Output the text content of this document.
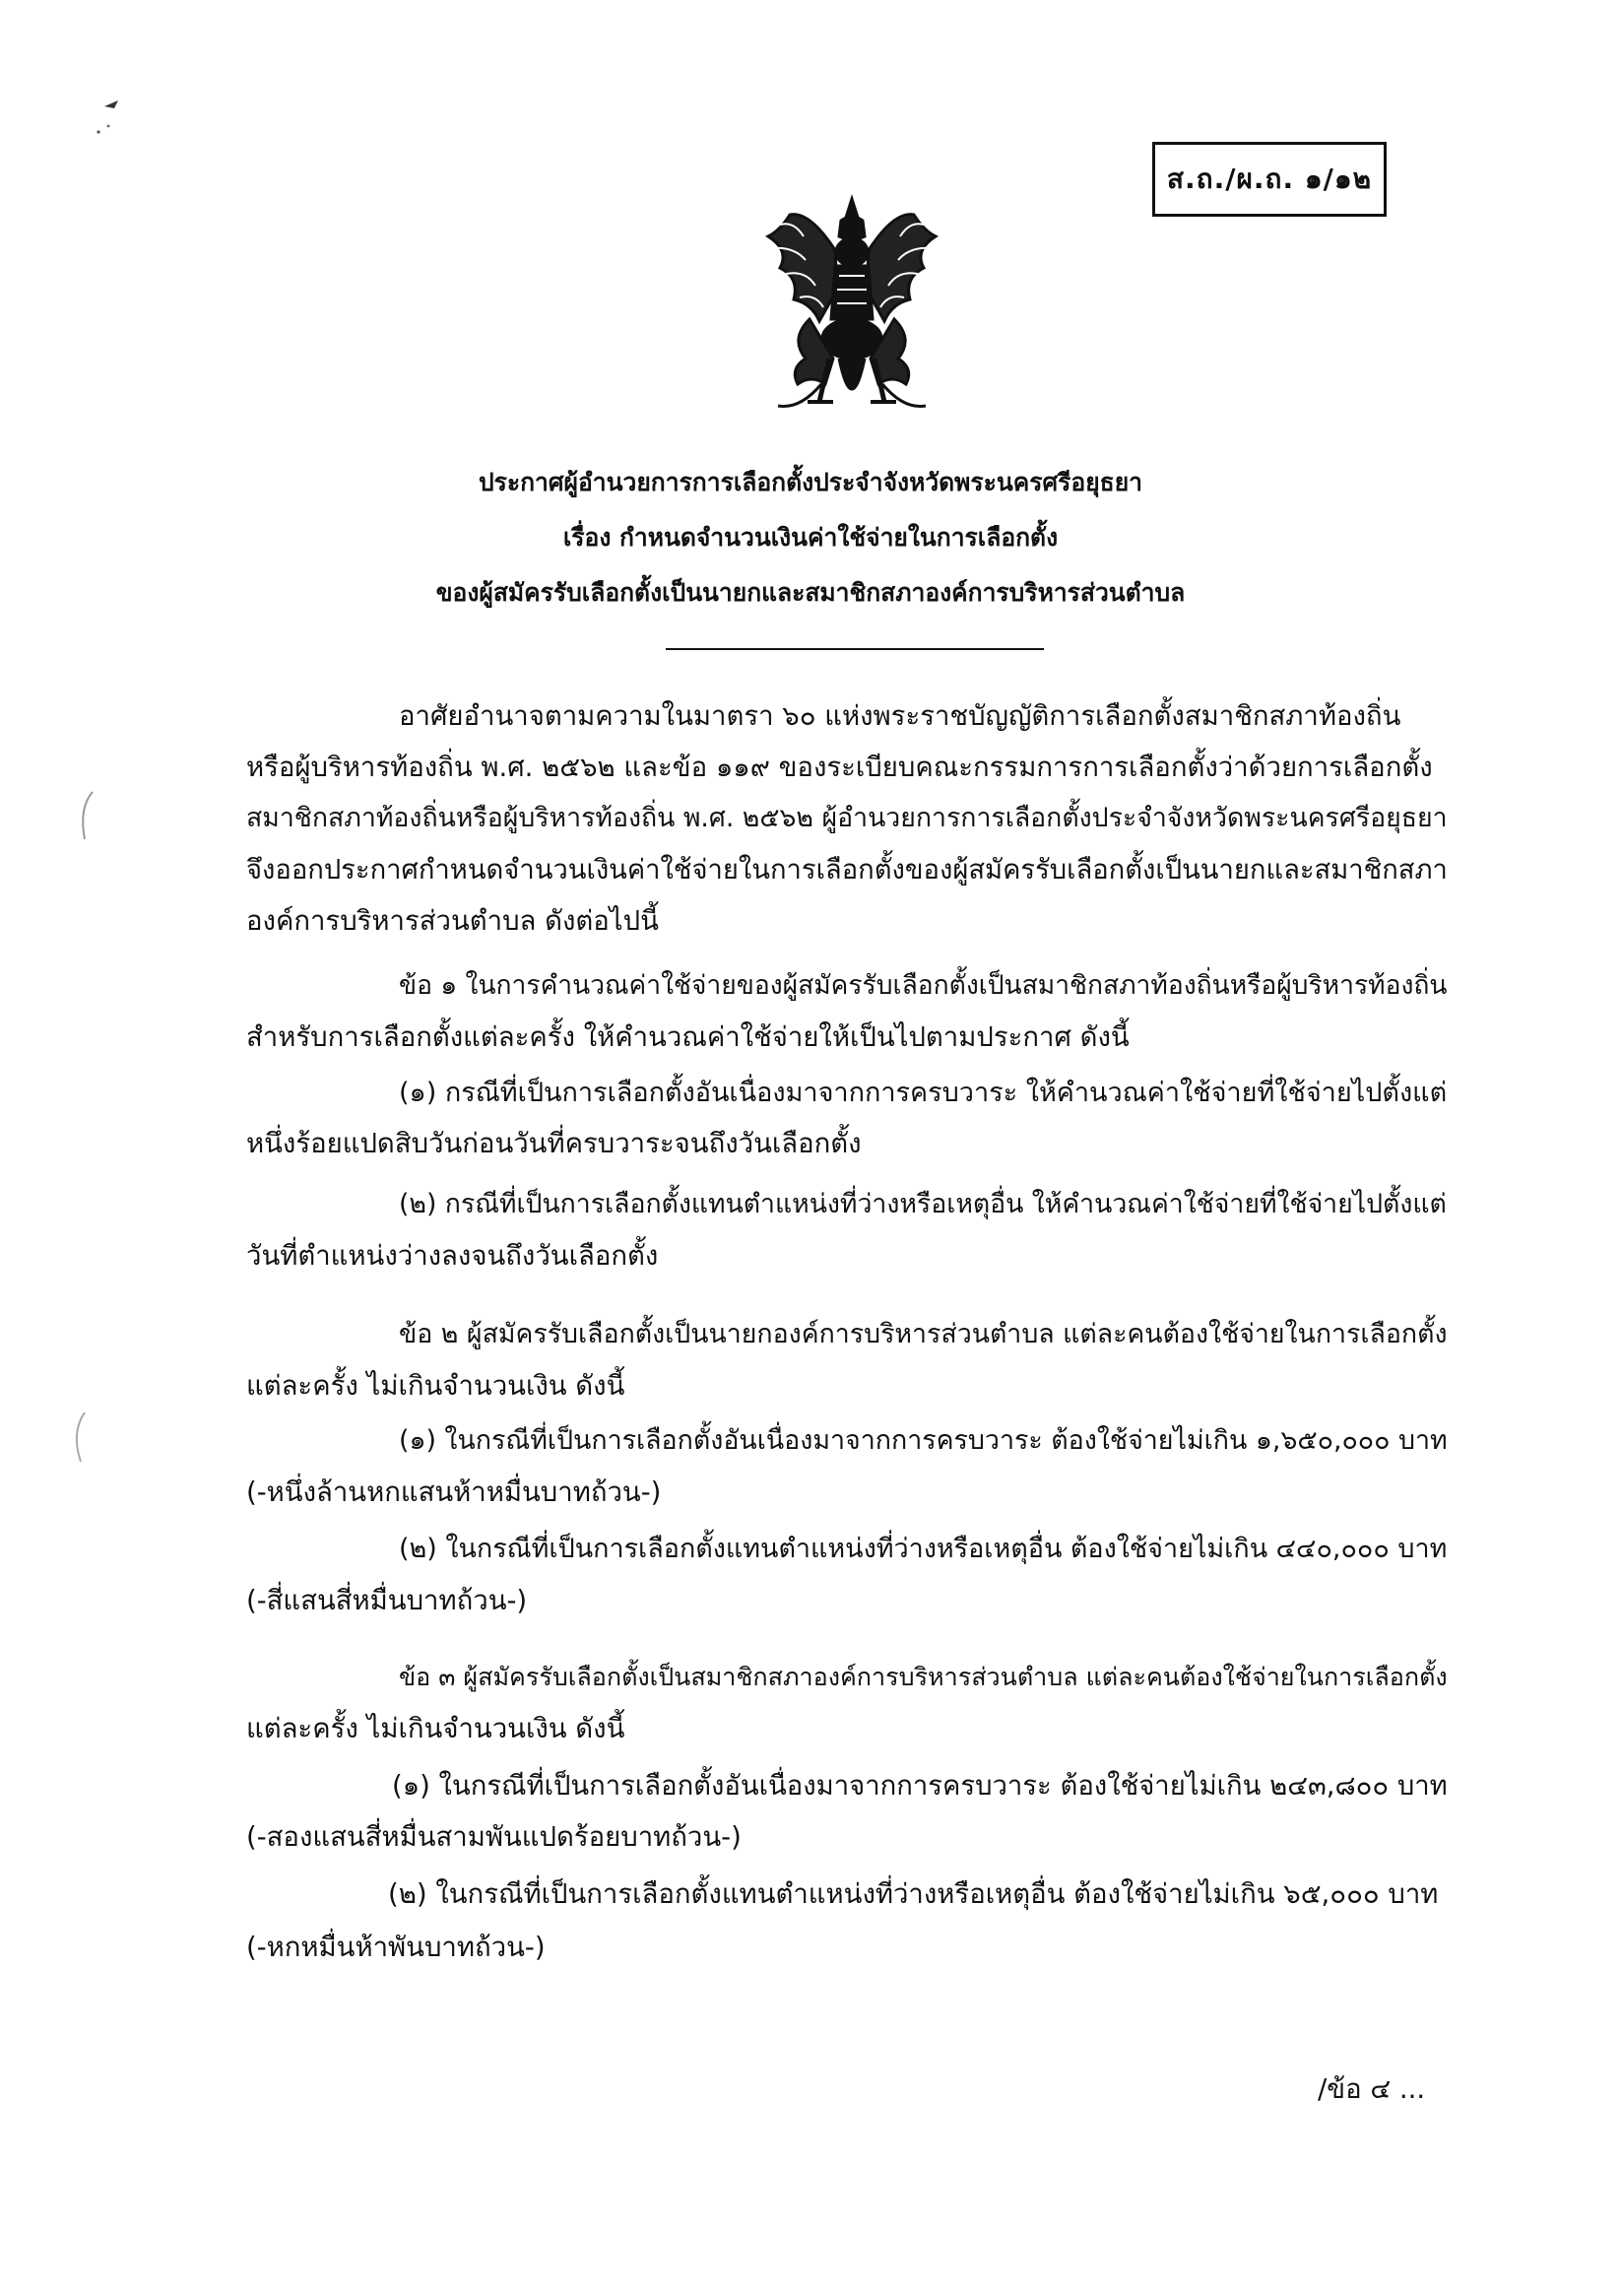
ส.ถ./ผ.ถ. ๑/๑๒
ประกาศผู้อำนวยการการเลือกตั้งประจำจังหวัดพระนครศรีอยุธยา
เรื่อง กำหนดจำนวนเงินค่าใช้จ่ายในการเลือกตั้ง
ของผู้สมัครรับเลือกตั้งเป็นนายกและสมาชิกสภาองค์การบริหารส่วนตำบล
อาศัยอำนาจตามความในมาตรา ๖๐ แห่งพระราชบัญญัติการเลือกตั้งสมาชิกสภาท้องถิ่น
หรือผู้บริหารท้องถิ่น พ.ศ. ๒๕๖๒ และข้อ ๑๑๙ ของระเบียบคณะกรรมการการเลือกตั้งว่าด้วยการเลือกตั้ง
สมาชิกสภาท้องถิ่นหรือผู้บริหารท้องถิ่น พ.ศ. ๒๕๖๒ ผู้อำนวยการการเลือกตั้งประจำจังหวัดพระนครศรีอยุธยา
จึงออกประกาศกำหนดจำนวนเงินค่าใช้จ่ายในการเลือกตั้งของผู้สมัครรับเลือกตั้งเป็นนายกและสมาชิกสภา
องค์การบริหารส่วนตำบล ดังต่อไปนี้
ข้อ ๑ ในการคำนวณค่าใช้จ่ายของผู้สมัครรับเลือกตั้งเป็นสมาชิกสภาท้องถิ่นหรือผู้บริหารท้องถิ่น
สำหรับการเลือกตั้งแต่ละครั้ง ให้คำนวณค่าใช้จ่ายให้เป็นไปตามประกาศ ดังนี้
(๑) กรณีที่เป็นการเลือกตั้งอันเนื่องมาจากการครบวาระ ให้คำนวณค่าใช้จ่ายที่ใช้จ่ายไปตั้งแต่
หนึ่งร้อยแปดสิบวันก่อนวันที่ครบวาระจนถึงวันเลือกตั้ง
(๒) กรณีที่เป็นการเลือกตั้งแทนตำแหน่งที่ว่างหรือเหตุอื่น ให้คำนวณค่าใช้จ่ายที่ใช้จ่ายไปตั้งแต่
วันที่ตำแหน่งว่างลงจนถึงวันเลือกตั้ง
ข้อ ๒ ผู้สมัครรับเลือกตั้งเป็นนายกองค์การบริหารส่วนตำบล แต่ละคนต้องใช้จ่ายในการเลือกตั้ง
แต่ละครั้ง ไม่เกินจำนวนเงิน ดังนี้
(๑) ในกรณีที่เป็นการเลือกตั้งอันเนื่องมาจากการครบวาระ ต้องใช้จ่ายไม่เกิน ๑,๖๕๐,๐๐๐ บาท
(-หนึ่งล้านหกแสนห้าหมื่นบาทถ้วน-)
(๒) ในกรณีที่เป็นการเลือกตั้งแทนตำแหน่งที่ว่างหรือเหตุอื่น ต้องใช้จ่ายไม่เกิน ๔๔๐,๐๐๐ บาท
(-สี่แสนสี่หมื่นบาทถ้วน-)
ข้อ ๓ ผู้สมัครรับเลือกตั้งเป็นสมาชิกสภาองค์การบริหารส่วนตำบล แต่ละคนต้องใช้จ่ายในการเลือกตั้ง
แต่ละครั้ง ไม่เกินจำนวนเงิน ดังนี้
(๑) ในกรณีที่เป็นการเลือกตั้งอันเนื่องมาจากการครบวาระ ต้องใช้จ่ายไม่เกิน ๒๔๓,๘๐๐ บาท
(-สองแสนสี่หมื่นสามพันแปดร้อยบาทถ้วน-)
(๒) ในกรณีที่เป็นการเลือกตั้งแทนตำแหน่งที่ว่างหรือเหตุอื่น ต้องใช้จ่ายไม่เกิน ๖๕,๐๐๐ บาท
(-หกหมื่นห้าพันบาทถ้วน-)
/ข้อ ๔ ...
